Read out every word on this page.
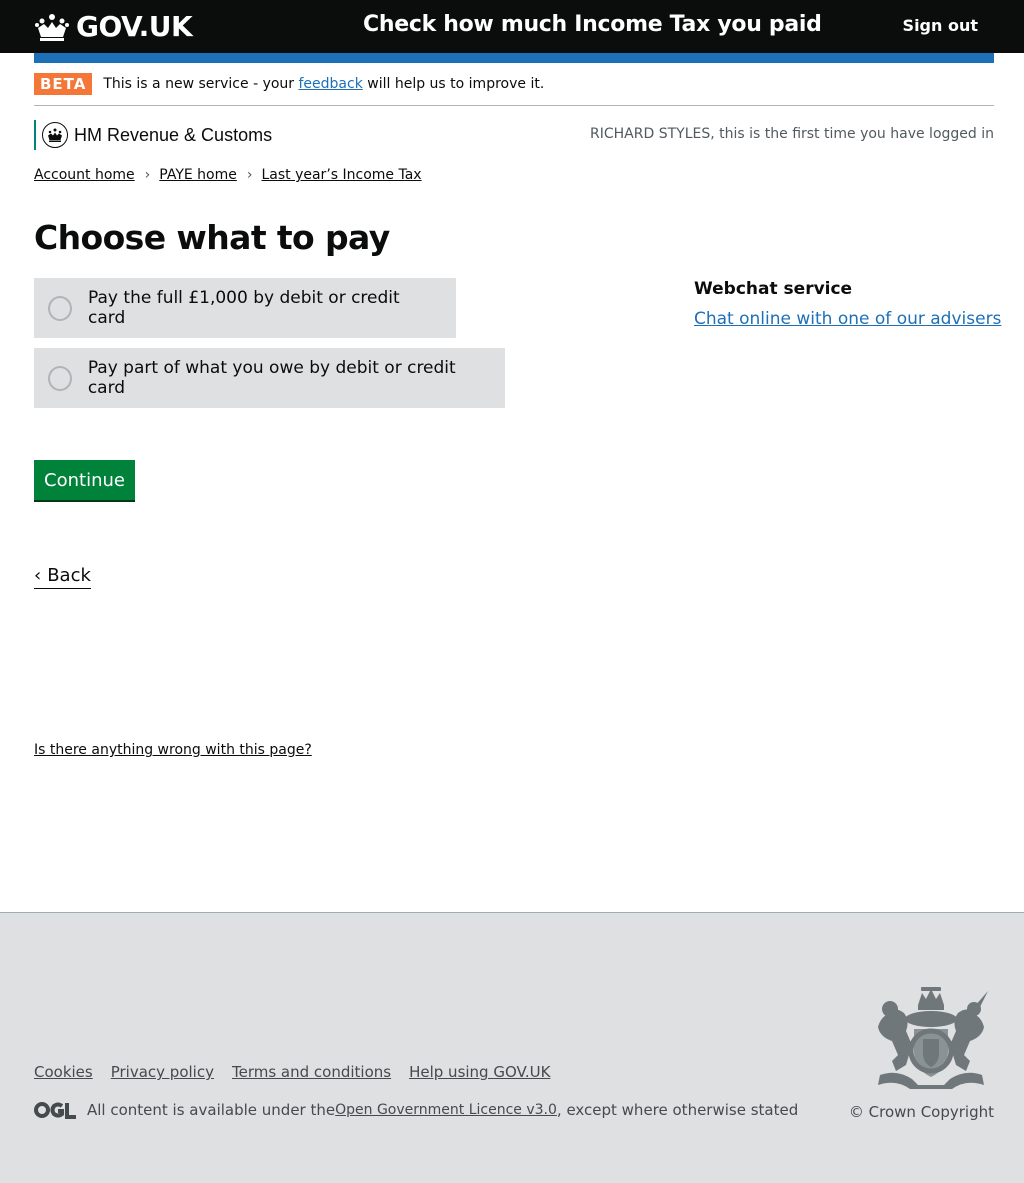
GOV.UK	Check how much Income Tax you paid	Sign out
BETA	This is a new service - your feedback will help us to improve it.
HM Revenue & Customs	RICHARD STYLES, this is the first time you have logged in
Account home › PAYE home › Last year’s Income Tax
Choose what to pay
Pay the full £1,000 by debit or credit card
Pay part of what you owe by debit or credit card
Webchat service
Chat online with one of our advisers
Continue
‹ Back
Is there anything wrong with this page?
Cookies Privacy policy Terms and conditions Help using GOV.UK
All content is available under the Open Government Licence v3.0 , except where otherwise stated	© Crown Copyright
